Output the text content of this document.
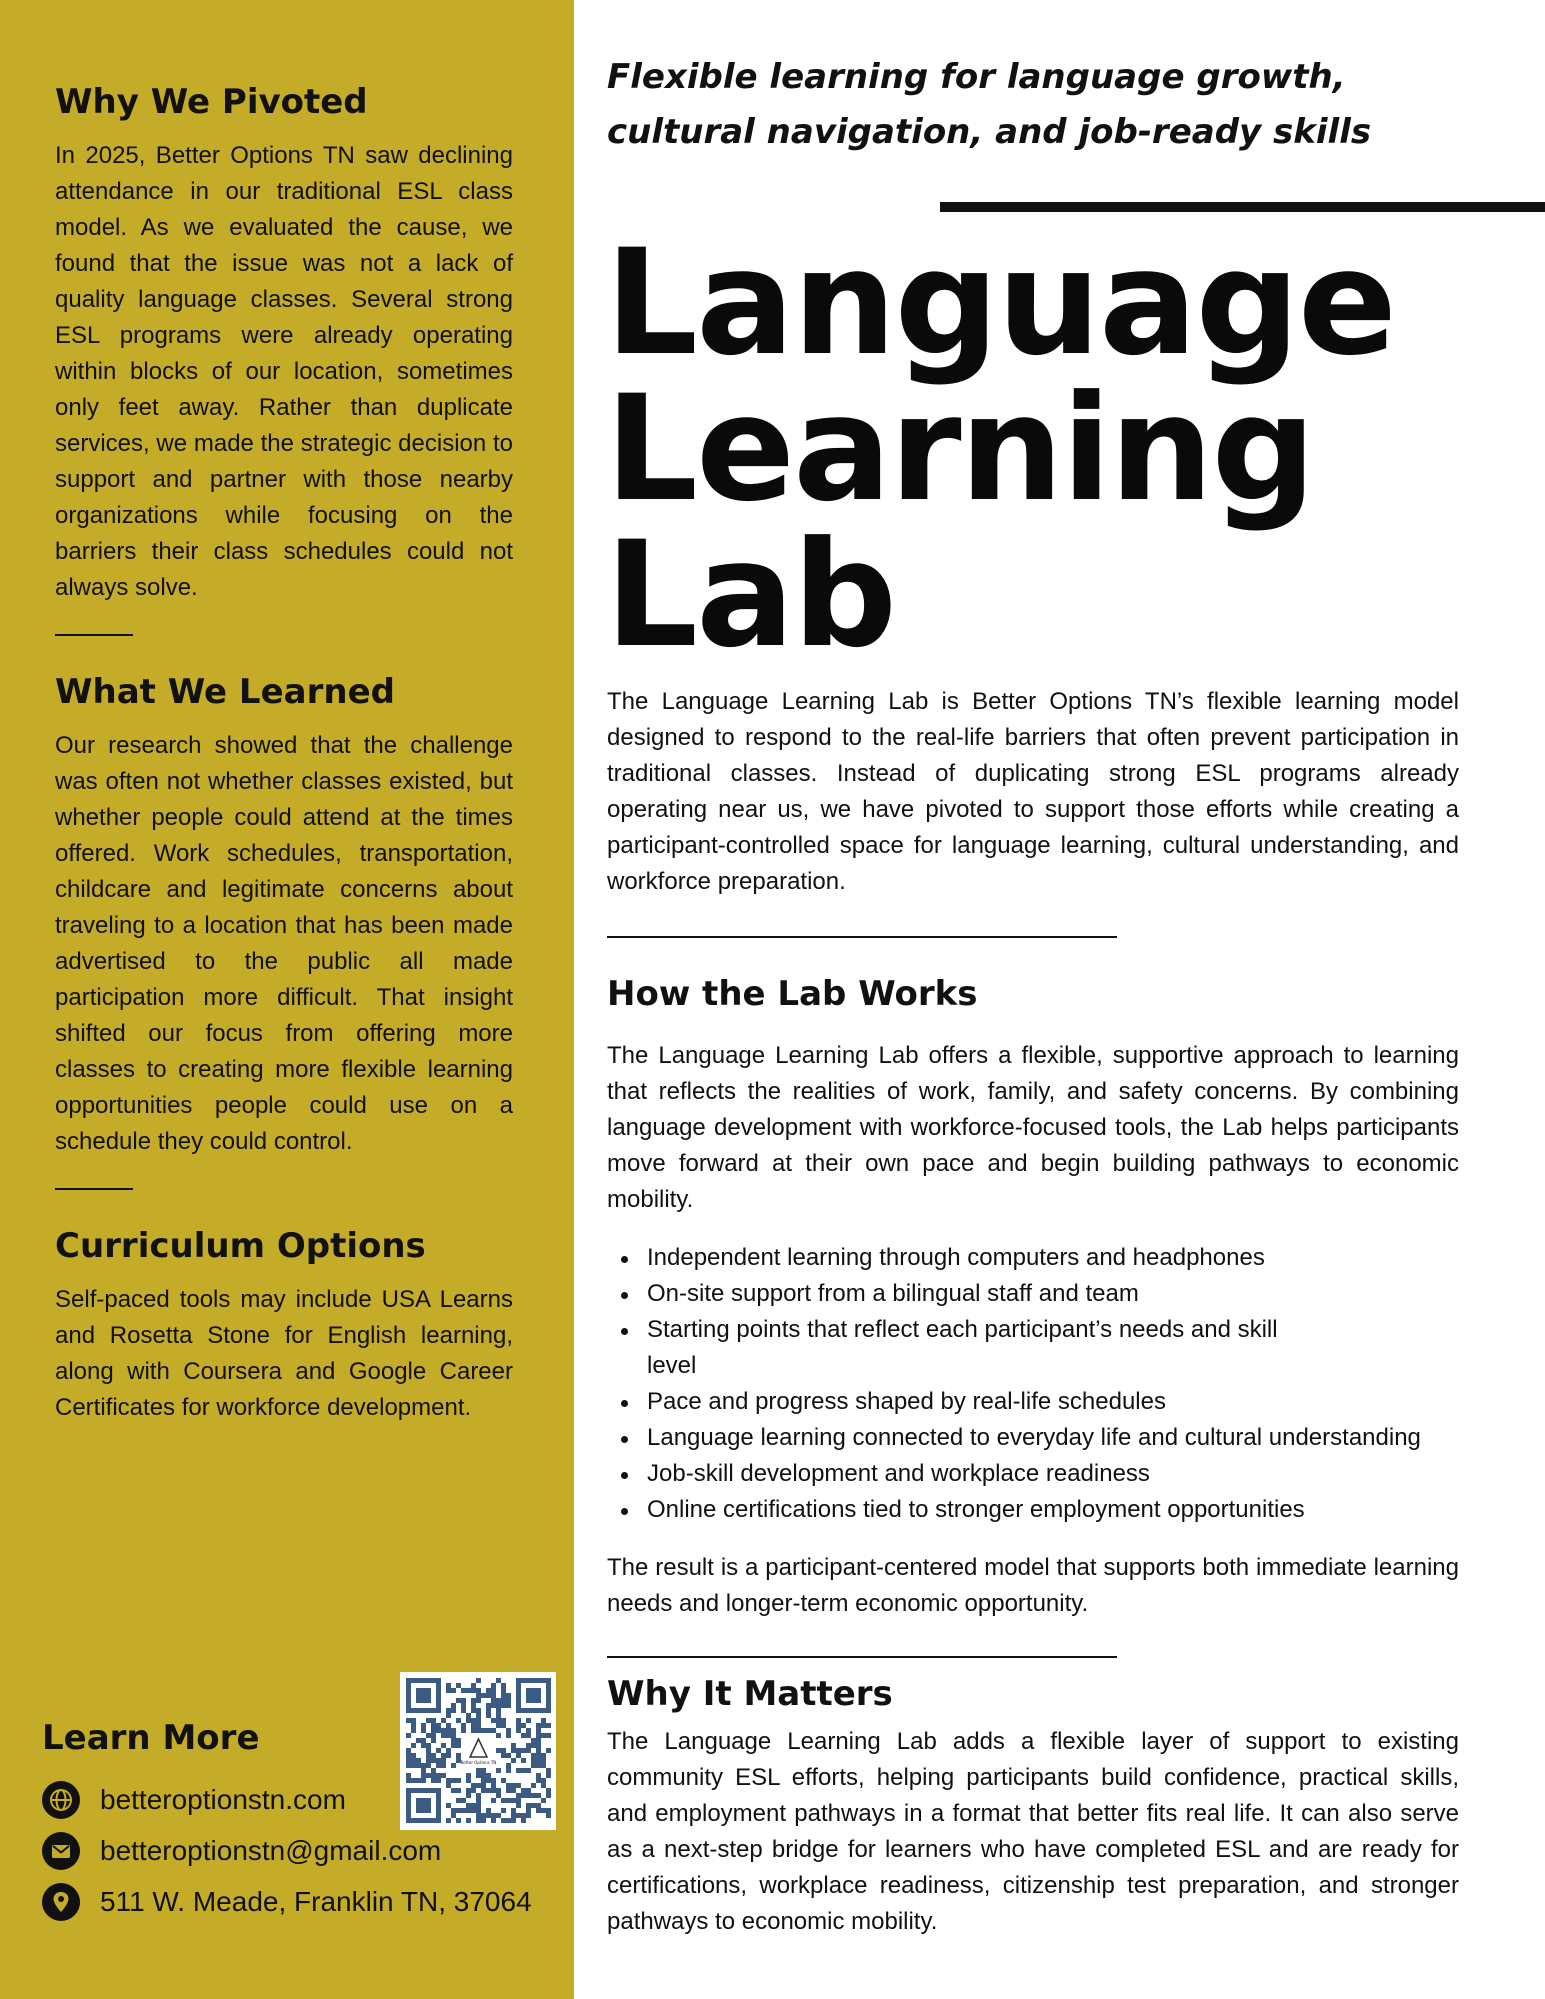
Why We Pivoted

In 2025, Better Options TN saw declining attendance in our traditional ESL class model. As we evaluated the cause, we found that the issue was not a lack of quality language classes. Several strong ESL programs were already operating within blocks of our location, sometimes only feet away. Rather than duplicate services, we made the strategic decision to support and partner with those nearby organizations while focusing on the barriers their class schedules could not always solve.

What We Learned

Our research showed that the challenge was often not whether classes existed, but whether people could attend at the times offered. Work schedules, transportation, childcare and legitimate concerns about traveling to a location that has been made advertised to the public all made participation more difficult. That insight shifted our focus from offering more classes to creating more flexible learning opportunities people could use on a schedule they could control.

Curriculum Options

Self-paced tools may include USA Learns and Rosetta Stone for English learning, along with Coursera and Google Career Certificates for workforce development.

Learn More
betteroptionstn.com
betteroptionstn@gmail.com
511 W. Meade, Franklin TN, 37064
Better Options TN

Flexible learning for language growth, cultural navigation, and job-ready skills

Language
Learning
Lab

The Language Learning Lab is Better Options TN’s flexible learning model designed to respond to the real-life barriers that often prevent participation in traditional classes. Instead of duplicating strong ESL programs already operating near us, we have pivoted to support those efforts while creating a participant-controlled space for language learning, cultural understanding, and workforce preparation.

How the Lab Works

The Language Learning Lab offers a flexible, supportive approach to learning that reflects the realities of work, family, and safety concerns. By combining language development with workforce-focused tools, the Lab helps participants move forward at their own pace and begin building pathways to economic mobility.

Independent learning through computers and headphones
On-site support from a bilingual staff and team
Starting points that reflect each participant’s needs and skill level
Pace and progress shaped by real-life schedules
Language learning connected to everyday life and cultural understanding
Job-skill development and workplace readiness
Online certifications tied to stronger employment opportunities

The result is a participant-centered model that supports both immediate learning needs and longer-term economic opportunity.

Why It Matters

The Language Learning Lab adds a flexible layer of support to existing community ESL efforts, helping participants build confidence, practical skills, and employment pathways in a format that better fits real life. It can also serve as a next-step bridge for learners who have completed ESL and are ready for certifications, workplace readiness, citizenship test preparation, and stronger pathways to economic mobility.
